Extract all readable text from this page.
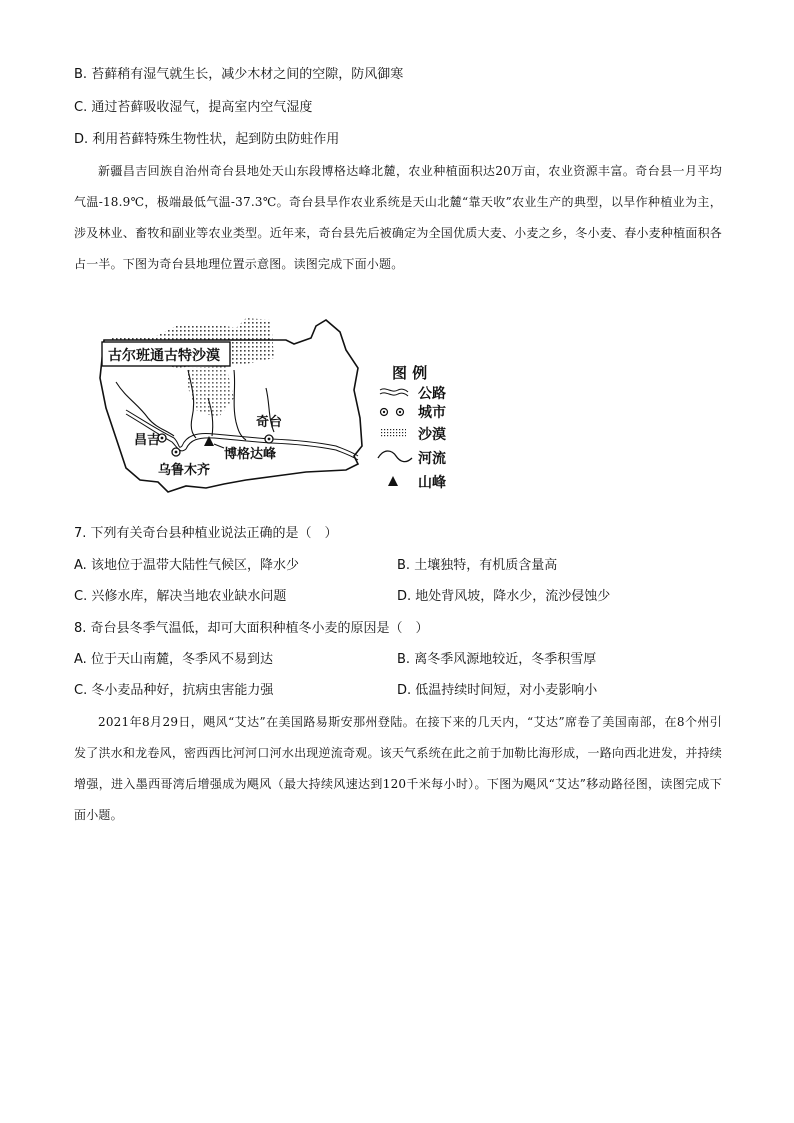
B. 苔藓稍有湿气就生长，减少木材之间的空隙，防风御寒
C. 通过苔藓吸收湿气，提高室内空气湿度
D. 利用苔藓特殊生物性状，起到防虫防蛀作用

新疆昌吉回族自治州奇台县地处天山东段博格达峰北麓，农业种植面积达20万亩，农业资源丰富。奇台县一月平均气温-18.9℃，极端最低气温-37.3℃。奇台县旱作农业系统是天山北麓“靠天收”农业生产的典型，以旱作种植业为主，涉及林业、畜牧和副业等农业类型。近年来，奇台县先后被确定为全国优质大麦、小麦之乡，冬小麦、春小麦种植面积各占一半。下图为奇台县地理位置示意图。读图完成下面小题。

古尔班通古特沙漠
昌吉
乌鲁木齐
奇台
博格达峰
图 例
公路
城市
沙漠
河流
山峰
7. 下列有关奇台县种植业说法正确的是（　）
A. 该地位于温带大陆性气候区，降水少	B. 土壤独特，有机质含量高
C. 兴修水库，解决当地农业缺水问题	D. 地处背风坡，降水少，流沙侵蚀少
8. 奇台县冬季气温低，却可大面积种植冬小麦的原因是（　）
A. 位于天山南麓，冬季风不易到达	B. 离冬季风源地较近，冬季积雪厚
C. 冬小麦品种好，抗病虫害能力强	D. 低温持续时间短，对小麦影响小

2021年8月29日，飓风“艾达”在美国路易斯安那州登陆。在接下来的几天内，“艾达”席卷了美国南部，在8个州引发了洪水和龙卷风，密西西比河河口河水出现逆流奇观。该天气系统在此之前于加勒比海形成，一路向西北进发，并持续增强，进入墨西哥湾后增强成为飓风（最大持续风速达到120千米每小时）。下图为飓风“艾达”移动路径图，读图完成下面小题。
